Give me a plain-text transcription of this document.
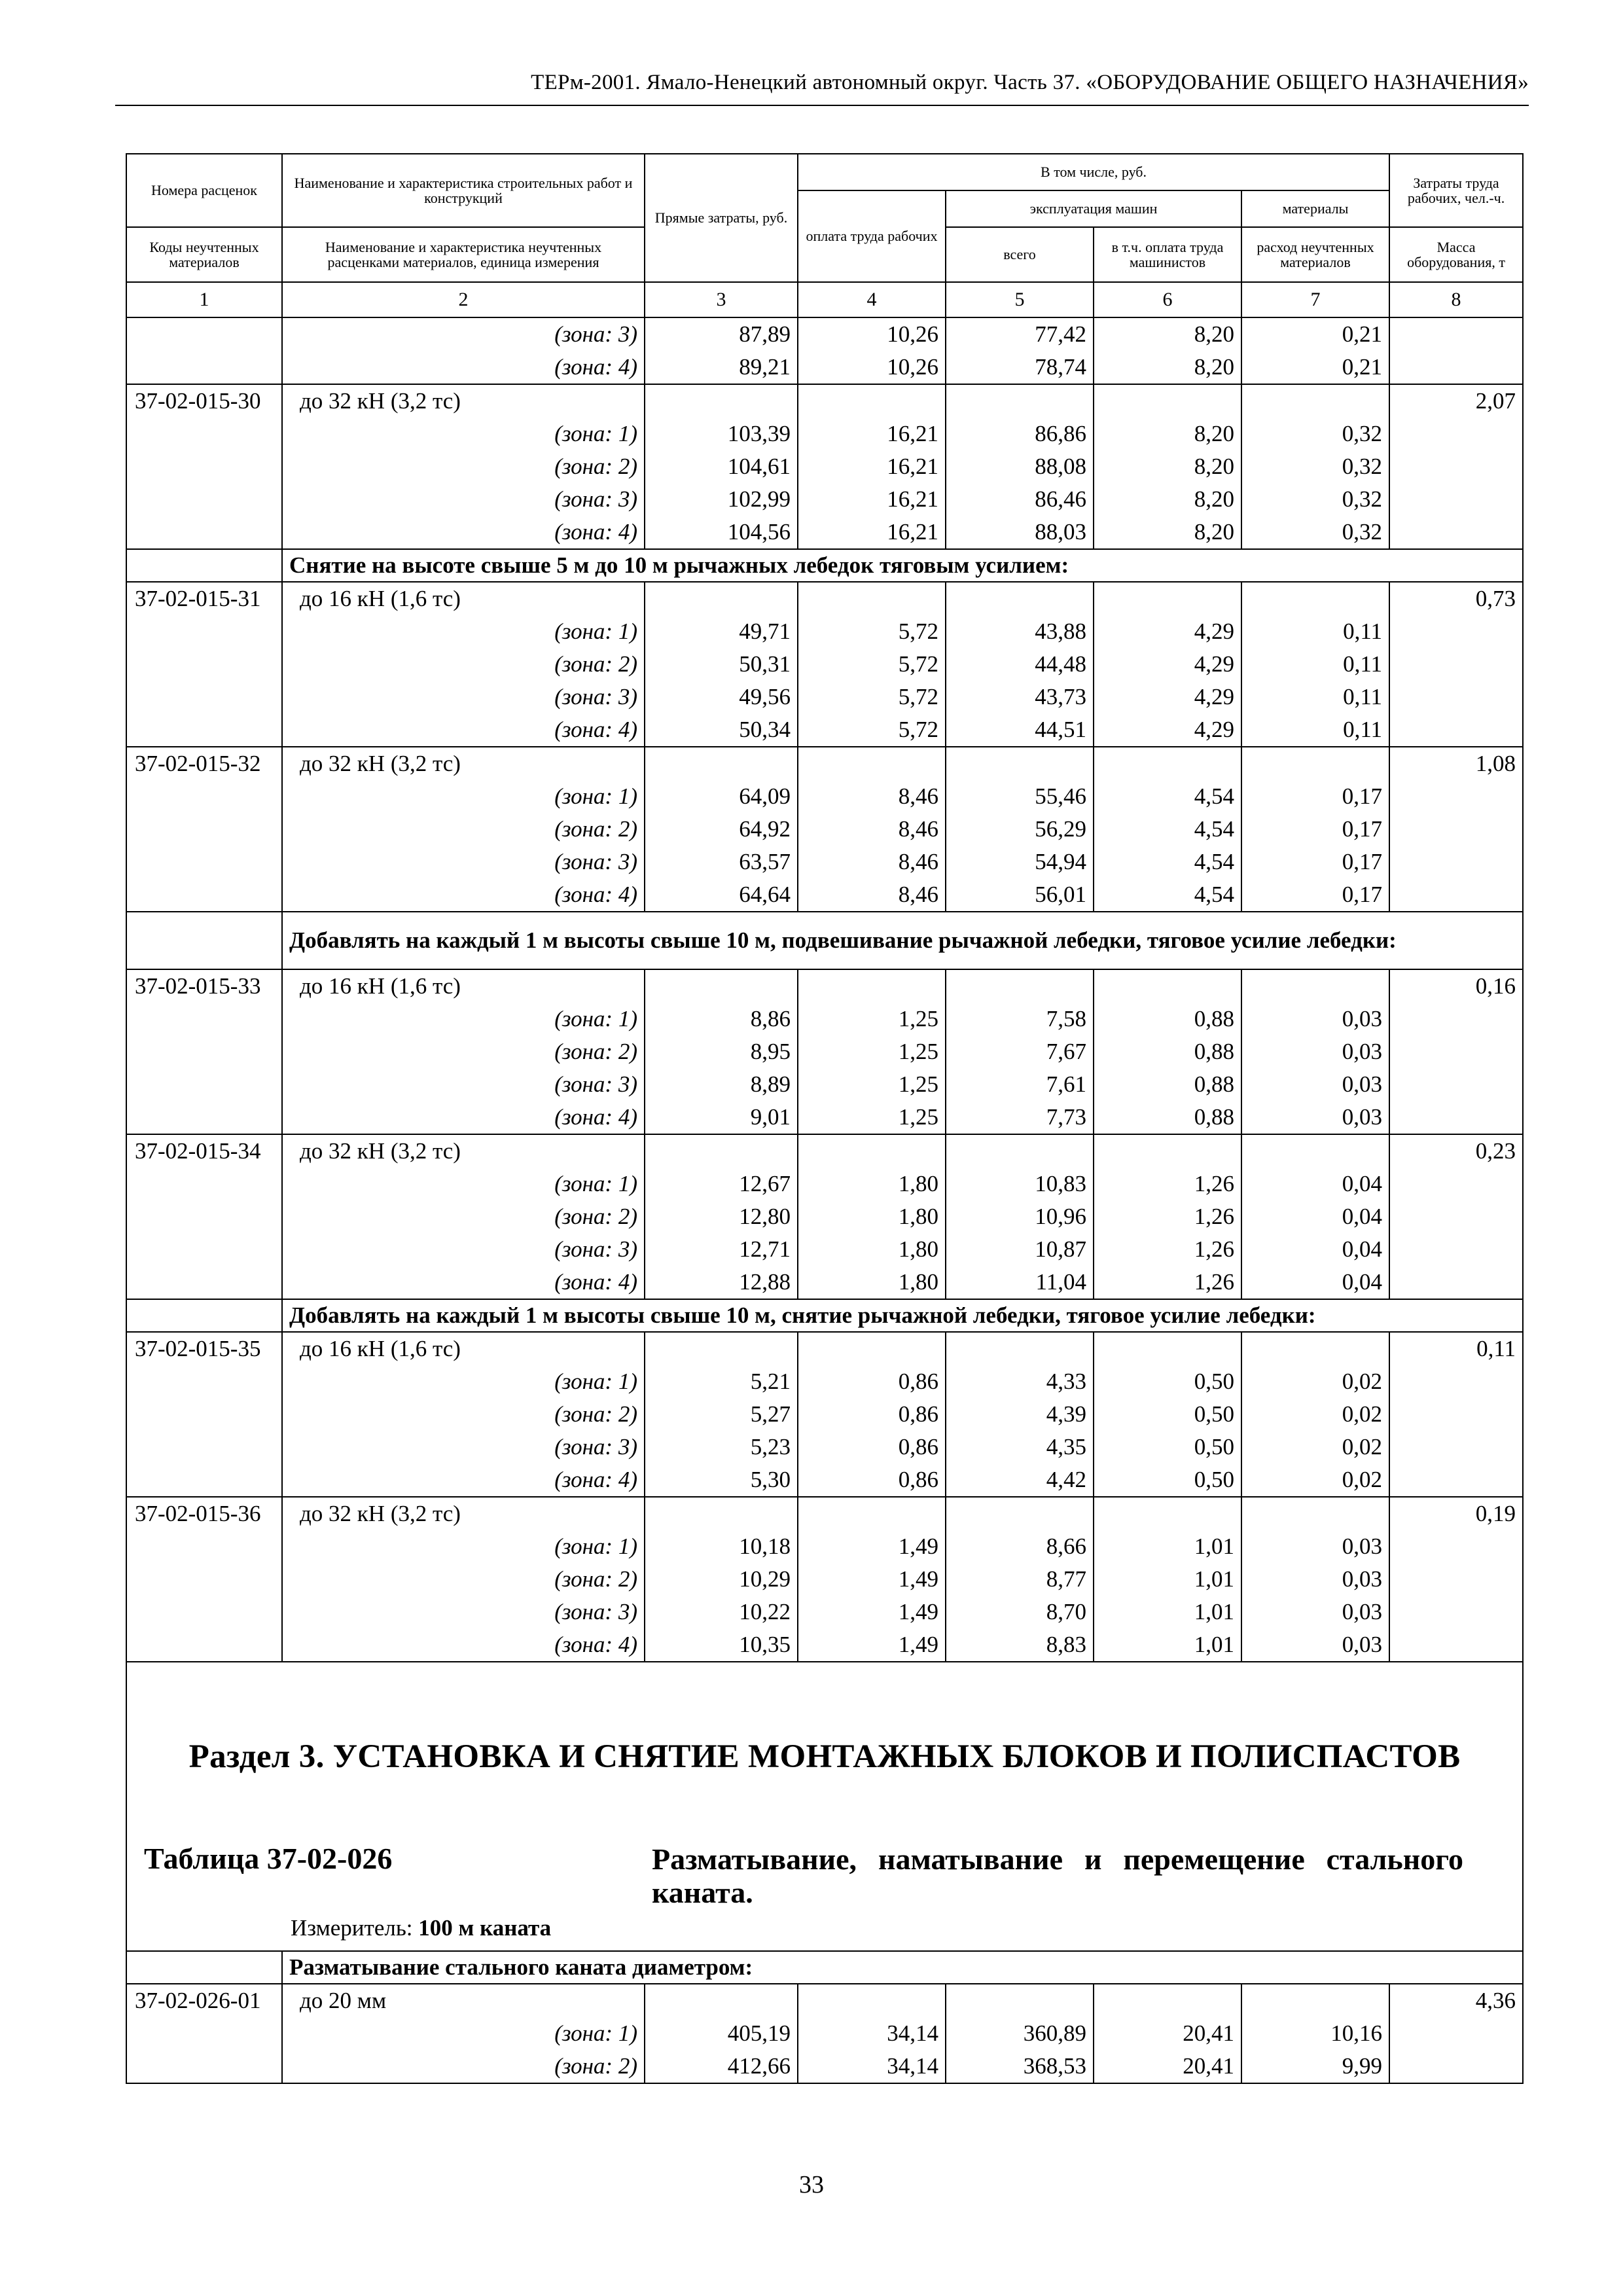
ТЕРм-2001. Ямало-Ненецкий автономный округ. Часть 37. «ОБОРУДОВАНИЕ ОБЩЕГО НАЗНАЧЕНИЯ»
Номера расценок	Наименование и характеристика строительных работ и конструкций	Прямые затраты, руб.	В том числе, руб.				Затраты труда рабочих, чел.-ч.
			оплата труда рабочих	эксплуатация машин		материалы	
Коды неучтенных материалов	Наименование и характеристика неучтенных расценками материалов, единица измерения			всего	в т.ч. оплата труда машинистов	расход неучтенных материалов	Масса оборудования, т
1	2	3	4	5	6	7	8
	(зона: 3)	87,89	10,26	77,42	8,20	0,21	
	(зона: 4)	89,21	10,26	78,74	8,20	0,21	
37-02-015-30	до 32 кН (3,2 тс)						2,07
	(зона: 1)	103,39	16,21	86,86	8,20	0,32	
	(зона: 2)	104,61	16,21	88,08	8,20	0,32	
	(зона: 3)	102,99	16,21	86,46	8,20	0,32	
	(зона: 4)	104,56	16,21	88,03	8,20	0,32	
	Снятие на высоте свыше 5 м до 10 м рычажных лебедок тяговым усилием:						
37-02-015-31	до 16 кН (1,6 тс)						0,73
	(зона: 1)	49,71	5,72	43,88	4,29	0,11	
	(зона: 2)	50,31	5,72	44,48	4,29	0,11	
	(зона: 3)	49,56	5,72	43,73	4,29	0,11	
	(зона: 4)	50,34	5,72	44,51	4,29	0,11	
37-02-015-32	до 32 кН (3,2 тс)						1,08
	(зона: 1)	64,09	8,46	55,46	4,54	0,17	
	(зона: 2)	64,92	8,46	56,29	4,54	0,17	
	(зона: 3)	63,57	8,46	54,94	4,54	0,17	
	(зона: 4)	64,64	8,46	56,01	4,54	0,17	
	Добавлять на каждый 1 м высоты свыше 10 м, подвешивание рычажной лебедки, тяговое усилие лебедки:						
37-02-015-33	до 16 кН (1,6 тс)						0,16
	(зона: 1)	8,86	1,25	7,58	0,88	0,03	
	(зона: 2)	8,95	1,25	7,67	0,88	0,03	
	(зона: 3)	8,89	1,25	7,61	0,88	0,03	
	(зона: 4)	9,01	1,25	7,73	0,88	0,03	
37-02-015-34	до 32 кН (3,2 тс)						0,23
	(зона: 1)	12,67	1,80	10,83	1,26	0,04	
	(зона: 2)	12,80	1,80	10,96	1,26	0,04	
	(зона: 3)	12,71	1,80	10,87	1,26	0,04	
	(зона: 4)	12,88	1,80	11,04	1,26	0,04	
	Добавлять на каждый 1 м высоты свыше 10 м, снятие рычажной лебедки, тяговое усилие лебедки:						
37-02-015-35	до 16 кН (1,6 тс)						0,11
	(зона: 1)	5,21	0,86	4,33	0,50	0,02	
	(зона: 2)	5,27	0,86	4,39	0,50	0,02	
	(зона: 3)	5,23	0,86	4,35	0,50	0,02	
	(зона: 4)	5,30	0,86	4,42	0,50	0,02	
37-02-015-36	до 32 кН (3,2 тс)						0,19
	(зона: 1)	10,18	1,49	8,66	1,01	0,03	
	(зона: 2)	10,29	1,49	8,77	1,01	0,03	
	(зона: 3)	10,22	1,49	8,70	1,01	0,03	
	(зона: 4)	10,35	1,49	8,83	1,01	0,03	

Раздел 3. УСТАНОВКА И СНЯТИЕ МОНТАЖНЫХ БЛОКОВ И ПОЛИСПАСТОВ
Таблица 37-02-026 Разматывание, наматывание и перемещение стального каната.
Измеритель: 100 м каната							

	Разматывание стального каната диаметром:						
37-02-026-01	до 20 мм						4,36
	(зона: 1)	405,19	34,14	360,89	20,41	10,16	
	(зона: 2)	412,66	34,14	368,53	20,41	9,99	
33
